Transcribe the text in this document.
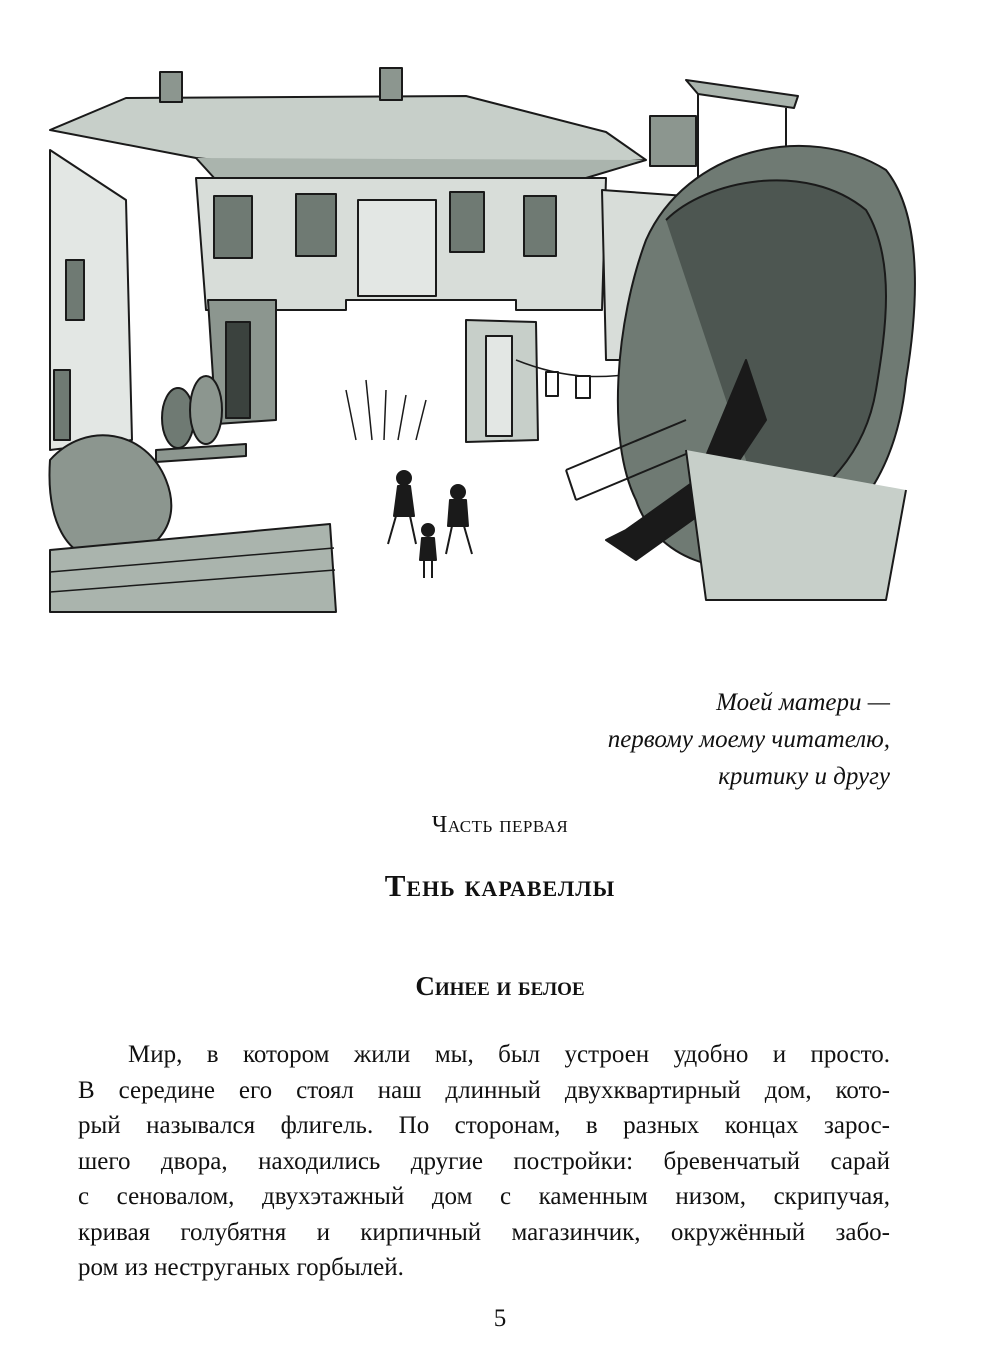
Моей матери —
первому моему читателю,
критику и другу
Часть первая
Тень каравеллы
Синее и белое
Мир, в котором жили мы, был устроен удобно и просто.
В середине его стоял наш длинный двухквартирный дом, кото-
рый назывался флигель. По сторонам, в разных концах зарос-
шего двора, находились другие постройки: бревенчатый сарай
с сеновалом, двухэтажный дом с каменным низом, скрипучая,
кривая голубятня и кирпичный магазинчик, окружённый забо-
ром из неструганых горбылей.
5
